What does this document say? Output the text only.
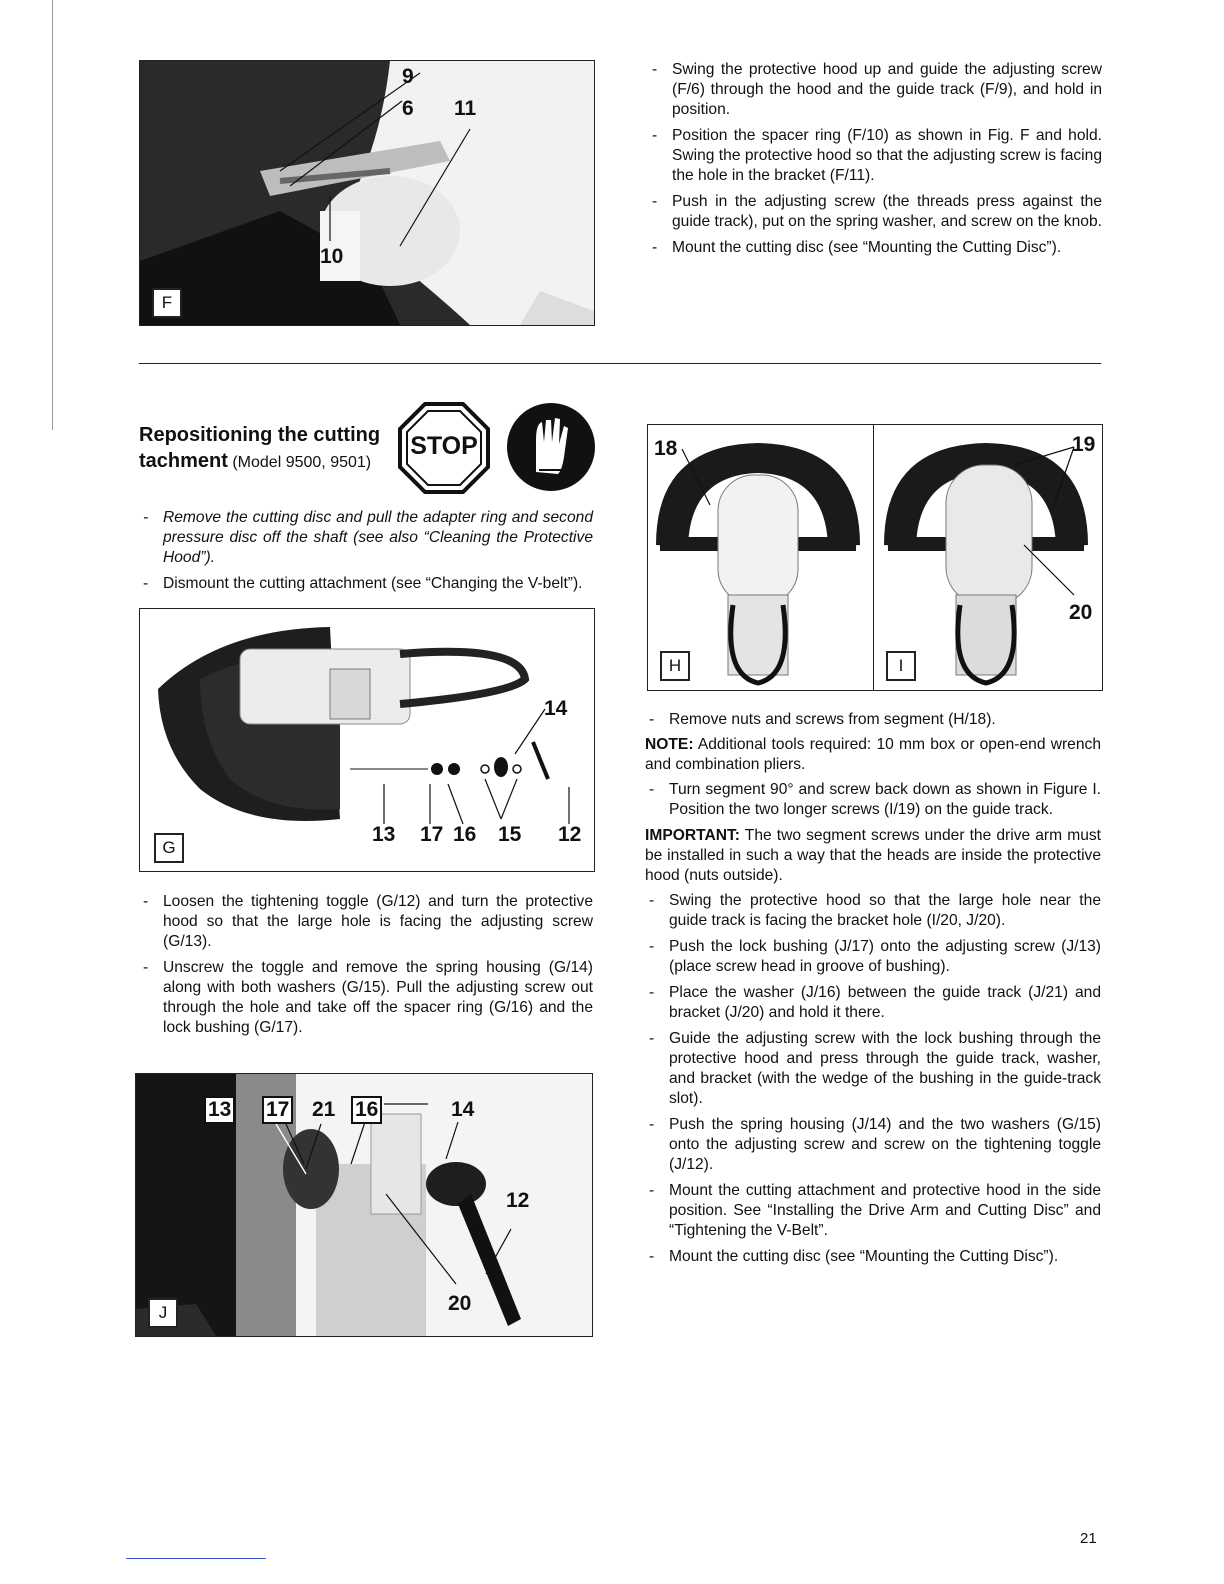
9
6 11
10
F
- Swing the protective hood up and guide the adjusting screw (F/6) through the hood and the guide track (F/9), and hold in position.
- Position the spacer ring (F/10) as shown in Fig. F and hold. Swing the protective hood so that the adjusting screw is facing the hole in the bracket (F/11).
- Push in the adjusting screw (the threads press against the guide track), put on the spring washer, and screw on the knob.
- Mount the cutting disc (see “Mounting the Cutting Disc”).
Repositioning the cutting
tachment (Model 9500, 9501)
STOP
- Remove the cutting disc and pull the adapter ring and second pressure disc off the shaft (see also “Cleaning the Protective Hood”).
- Dismount the cutting attachment (see “Changing the V-belt”).
14
13 17 16 15 12
G
- Loosen the tightening toggle (G/12) and turn the protective hood so that the large hole is facing the adjusting screw (G/13).
- Unscrew the toggle and remove the spring housing (G/14) along with both washers (G/15). Pull the adjusting screw out through the hole and take off the spacer ring (G/16) and the lock bushing (G/17).
13 17 21 16	14
12
20
J
18
H
19
20
I
- Remove nuts and screws from segment (H/18).

NOTE: Additional tools required: 10 mm box or open-end wrench and combination pliers.

- Turn segment 90° and screw back down as shown in Figure I. Position the two longer screws (I/19) on the guide track.

IMPORTANT: The two segment screws under the drive arm must be installed in such a way that the heads are inside the protective hood (nuts outside).

- Swing the protective hood so that the large hole near the guide track is facing the bracket hole (I/20, J/20).
- Push the lock bushing (J/17) onto the adjusting screw (J/13) (place screw head in groove of bushing).
- Place the washer (J/16) between the guide track (J/21) and bracket (J/20) and hold it there.
- Guide the adjusting screw with the lock bushing through the protective hood and press through the guide track, washer, and bracket (with the wedge of the bushing in the guide-track slot).
- Push the spring housing (J/14) and the two washers (G/15) onto the adjusting screw and screw on the tightening toggle (J/12).
- Mount the cutting attachment and protective hood in the side position. See “Installing the Drive Arm and Cutting Disc” and “Tightening the V-Belt”.
- Mount the cutting disc (see “Mounting the Cutting Disc”).
21
